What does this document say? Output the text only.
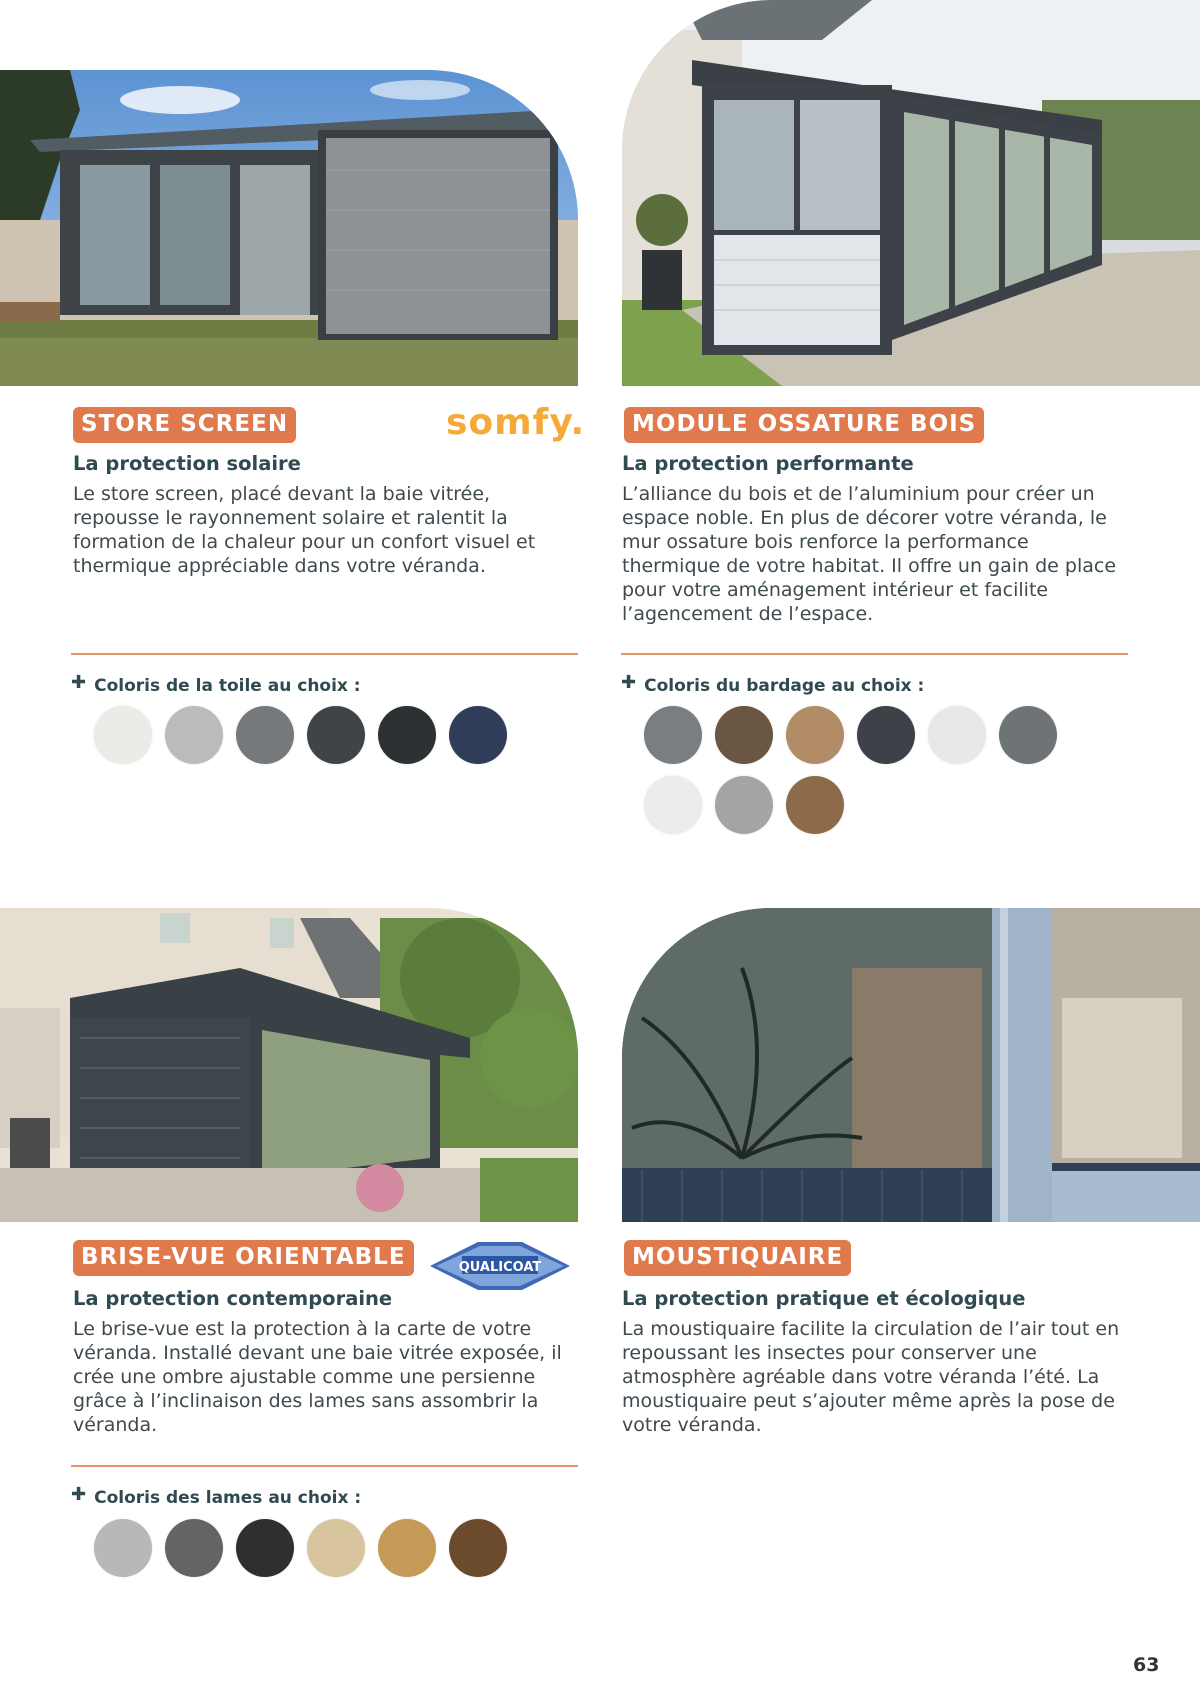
STORE SCREEN	somfy.
La protection solaire
Le store screen, placé devant la baie vitrée, repousse le rayonnement solaire et ralentit la formation de la chaleur pour un confort visuel et thermique appréciable dans votre véranda.
✚ Coloris de la toile au choix :
MODULE OSSATURE BOIS
La protection performante
L’alliance du bois et de l’aluminium pour créer un espace noble. En plus de décorer votre véranda, le mur ossature bois renforce la performance thermique de votre habitat. Il offre un gain de place pour votre aménagement intérieur et facilite l’agencement de l’espace.
✚ Coloris du bardage au choix :
BRISE-VUE ORIENTABLE	QUALICOAT
La protection contemporaine
Le brise-vue est la protection à la carte de votre véranda. Installé devant une baie vitrée exposée, il crée une ombre ajustable comme une persienne grâce à l’inclinaison des lames sans assombrir la véranda.
✚ Coloris des lames au choix :
MOUSTIQUAIRE
La protection pratique et écologique
La moustiquaire facilite la circulation de l’air tout en repoussant les insectes pour conserver une atmosphère agréable dans votre véranda l’été. La moustiquaire peut s’ajouter même après la pose de votre véranda.
63
